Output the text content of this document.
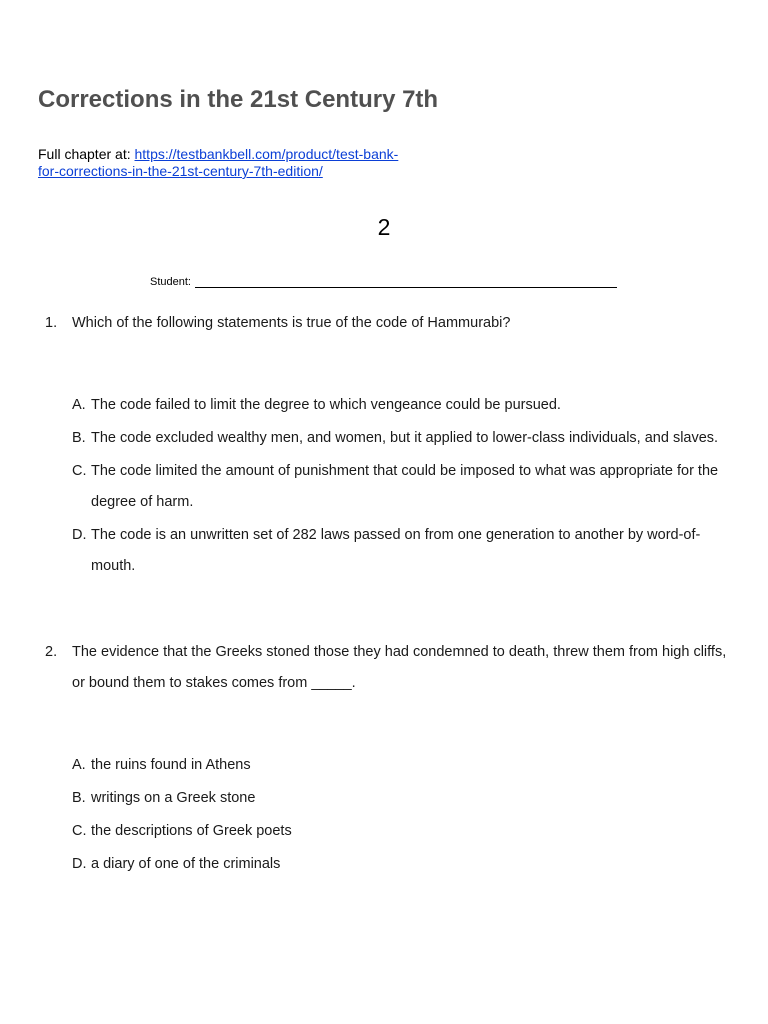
Corrections in the 21st Century 7th
Full chapter at: https://testbankbell.com/product/test-bank-for-corrections-in-the-21st-century-7th-edition/
2
Student:
1. Which of the following statements is true of the code of Hammurabi?
A. The code failed to limit the degree to which vengeance could be pursued.
B. The code excluded wealthy men, and women, but it applied to lower-class individuals, and slaves.
C. The code limited the amount of punishment that could be imposed to what was appropriate for the degree of harm.
D. The code is an unwritten set of 282 laws passed on from one generation to another by word-of-mouth.
2. The evidence that the Greeks stoned those they had condemned to death, threw them from high cliffs, or bound them to stakes comes from _____.
A. the ruins found in Athens
B. writings on a Greek stone
C. the descriptions of Greek poets
D. a diary of one of the criminals
